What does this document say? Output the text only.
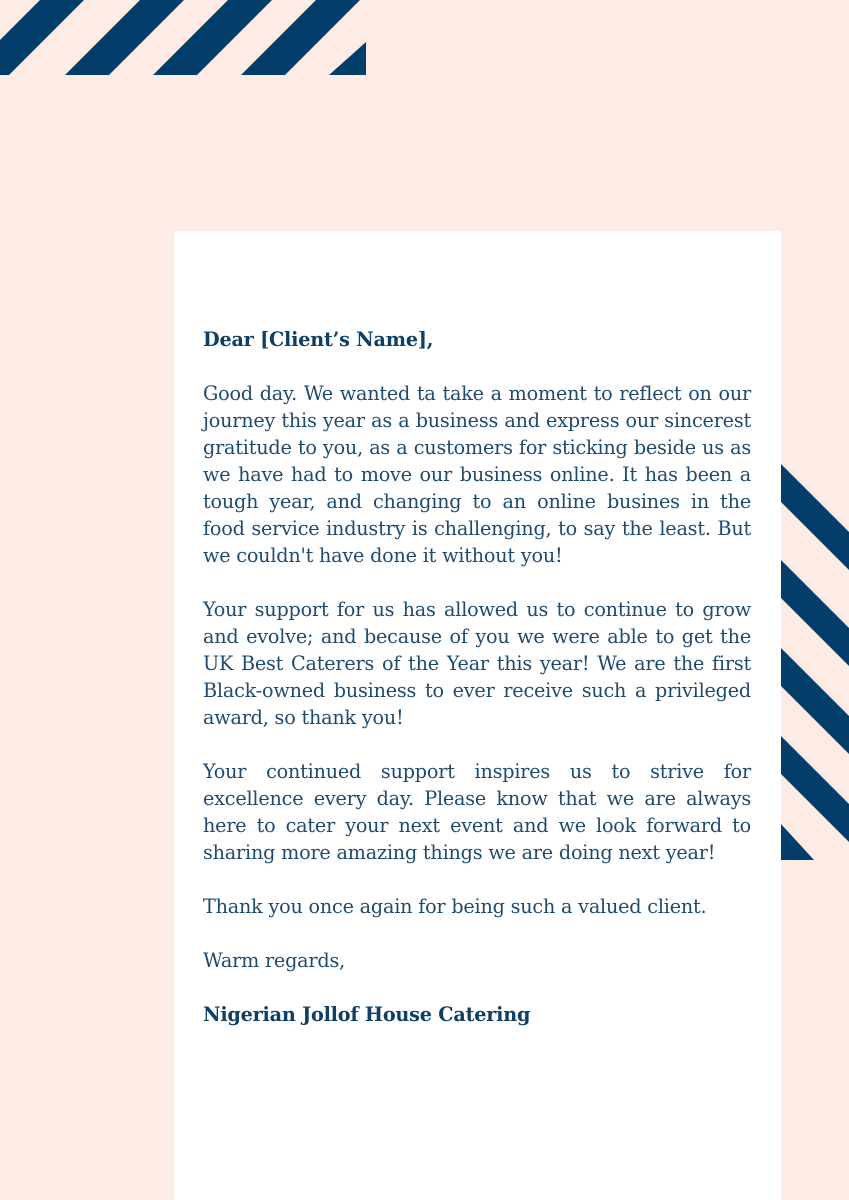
Dear [Client’s Name],

Good day. We wanted ta take a moment to reflect on our journey this year as a business and express our sincerest gratitude to you, as a customers for sticking beside us as we have had to move our business online. It has been a tough year, and changing to an online busines in the food service industry is challenging, to say the least. But we couldn't have done it without you!

Your support for us has allowed us to continue to grow and evolve; and because of you we were able to get the UK Best Caterers of the Year this year! We are the first Black-owned business to ever receive such a privileged award, so thank you!

Your continued support inspires us to strive for excellence every day. Please know that we are always here to cater your next event and we look forward to sharing more amazing things we are doing next year!

Thank you once again for being such a valued client.

Warm regards,

Nigerian Jollof House Catering
